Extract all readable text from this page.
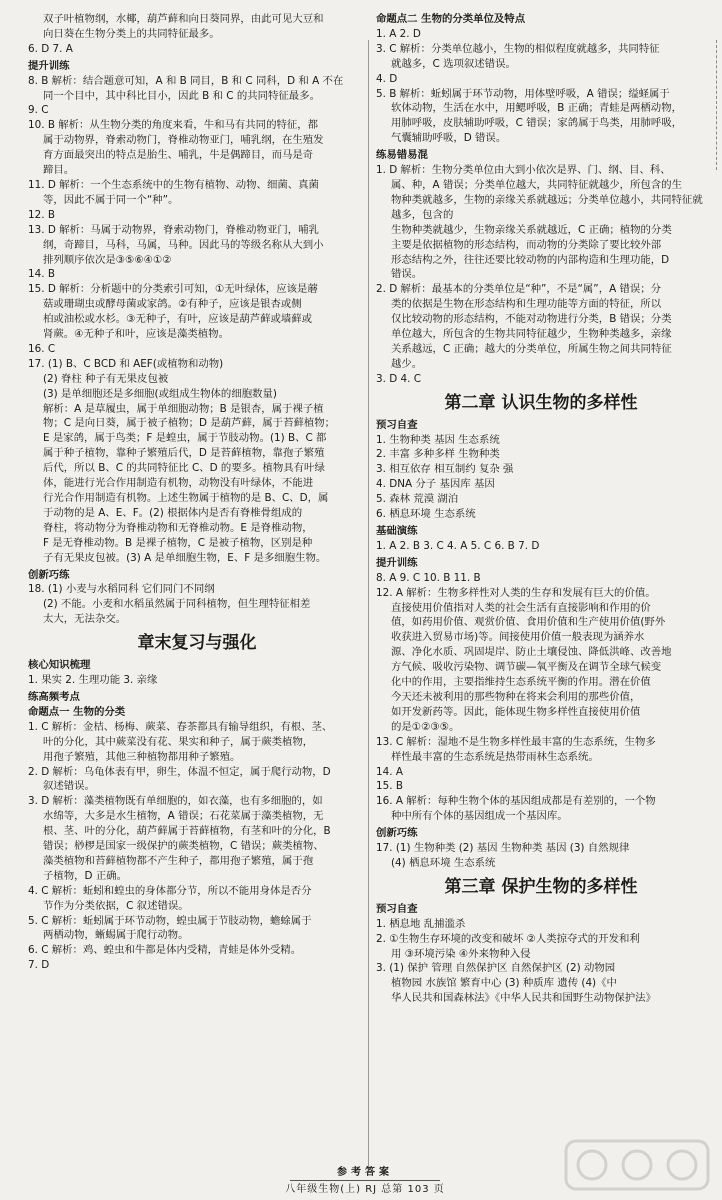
双子叶植物纲，水椰，葫芦藓和向日葵同界，由此可见大豆和
向日葵在生物分类上的共同特征最多。
6. D 7. A
提升训练
8. B 解析：结合题意可知，A 和 B 同目，B 和 C 同科，D 和 A 不在
同一个目中，其中科比目小，因此 B 和 C 的共同特征最多。
9. C
10. B 解析：从生物分类的角度来看，牛和马有共同的特征，都
属于动物界，脊索动物门，脊椎动物亚门，哺乳纲，在生殖发
育方面最突出的特点是胎生、哺乳，牛是偶蹄目，而马是奇
蹄目。
11. D 解析：一个生态系统中的生物有植物、动物、细菌、真菌
等，因此不属于同一个“种”。
12. B
13. D 解析：马属于动物界，脊索动物门，脊椎动物亚门，哺乳
纲，奇蹄目，马科，马属，马种。因此马的等级名称从大到小
排列顺序依次是③⑤⑥④①②
14. B
15. D 解析：分析题中的分类索引可知，①无叶绿体，应该是蘑
菇或珊瑚虫或酵母菌或家鸽。②有种子，应该是银杏或侧
柏或油松或水杉。③无种子，有叶，应该是葫芦藓或墙藓或
肾蕨。④无种子和叶，应该是藻类植物。
16. C
17. (1) B、C BCD 和 AEF(或植物和动物)
(2) 脊柱 种子有无果皮包被
(3) 是单细胞还是多细胞(或组成生物体的细胞数量)
解析：A 是草履虫，属于单细胞动物；B 是银杏，属于裸子植
物；C 是向日葵，属于被子植物；D 是葫芦藓，属于苔藓植物；
E 是家鸽，属于鸟类；F 是蝗虫，属于节肢动物。(1) B、C 都
属于种子植物，靠种子繁殖后代，D 是苔藓植物，靠孢子繁殖
后代，所以 B、C 的共同特征比 C、D 的要多。植物具有叶绿
体，能进行光合作用制造有机物，动物没有叶绿体，不能进
行光合作用制造有机物。上述生物属于植物的是 B、C、D，属
于动物的是 A、E、F。(2) 根据体内是否有脊椎骨组成的
脊柱，将动物分为脊椎动物和无脊椎动物。E 是脊椎动物，
F 是无脊椎动物。B 是裸子植物，C 是被子植物，区别是种
子有无果皮包被。(3) A 是单细胞生物，E、F 是多细胞生物。
创新巧练
18. (1) 小麦与水稻同科 它们同门不同纲
(2) 不能。小麦和水稻虽然属于同科植物，但生理特征相差
太大，无法杂交。
章末复习与强化
核心知识梳理
1. 果实 2. 生理功能 3. 亲缘
练高频考点
命题点一 生物的分类
1. C 解析：金桔、杨梅、蕨菜、春茶都具有输导组织，有根、茎、
叶的分化，其中蕨菜没有花、果实和种子，属于蕨类植物，
用孢子繁殖，其他三种植物都用种子繁殖。
2. D 解析：乌龟体表有甲，卵生，体温不恒定，属于爬行动物，D
叙述错误。
3. D 解析：藻类植物既有单细胞的，如衣藻，也有多细胞的，如
水绵等，大多是水生植物，A 错误；石花菜属于藻类植物，无
根、茎、叶的分化，葫芦藓属于苔藓植物，有茎和叶的分化，B
错误；桫椤是国家一级保护的蕨类植物，C 错误；蕨类植物、
藻类植物和苔藓植物都不产生种子，都用孢子繁殖，属于孢
子植物，D 正确。
4. C 解析：蚯蚓和蝗虫的身体都分节，所以不能用身体是否分
节作为分类依据，C 叙述错误。
5. C 解析：蚯蚓属于环节动物，蝗虫属于节肢动物，蟾蜍属于
两栖动物，蜥蜴属于爬行动物。
6. C 解析：鸡、蝗虫和牛都是体内受精，青蛙是体外受精。
7. D
命题点二 生物的分类单位及特点
1. A 2. D
3. C 解析：分类单位越小，生物的相似程度就越多，共同特征
就越多，C 选项叙述错误。
4. D
5. B 解析：蚯蚓属于环节动物，用体壁呼吸，A 错误；缢蛏属于
软体动物，生活在水中，用鳃呼吸，B 正确；青蛙是两栖动物，
用肺呼吸，皮肤辅助呼吸，C 错误；家鸽属于鸟类，用肺呼吸，
气囊辅助呼吸，D 错误。
练易错易混
1. D 解析：生物分类单位由大到小依次是界、门、纲、目、科、
属、种，A 错误；分类单位越大，共同特征就越少，所包含的生
物种类就越多，生物的亲缘关系就越远；分类单位越小，共同特征就越多，包含的
生物种类就越少，生物亲缘关系就越近，C 正确；植物的分类
主要是依据植物的形态结构，而动物的分类除了要比较外部
形态结构之外，往往还要比较动物的内部构造和生理功能，D
错误。
2. D 解析：最基本的分类单位是“种”，不是“属”，A 错误；分
类的依据是生物在形态结构和生理功能等方面的特征，所以
仅比较动物的形态结构，不能对动物进行分类，B 错误；分类
单位越大，所包含的生物共同特征越少，生物种类越多，亲缘
关系越远，C 正确；越大的分类单位，所属生物之间共同特征
越少。
3. D 4. C
第二章 认识生物的多样性
预习自查
1. 生物种类 基因 生态系统
2. 丰富 多种多样 生物种类
3. 相互依存 相互制约 复杂 强
4. DNA 分子 基因库 基因
5. 森林 荒漠 湖泊
6. 栖息环境 生态系统
基础演练
1. A 2. B 3. C 4. A 5. C 6. B 7. D
提升训练
8. A 9. C 10. B 11. B
12. A 解析：生物多样性对人类的生存和发展有巨大的价值。
直接使用价值指对人类的社会生活有直接影响和作用的价
值，如药用价值、观赏价值、食用价值和生产使用价值(野外
收获进入贸易市场)等。间接使用价值一般表现为涵养水
源、净化水质、巩固堤岸、防止土壤侵蚀、降低洪峰、改善地
方气候、吸收污染物、调节碳—氧平衡及在调节全球气候变
化中的作用，主要指维持生态系统平衡的作用。潜在价值
今天还未被利用的那些物种在将来会利用的那些价值，
如开发新药等。因此，能体现生物多样性直接使用价值
的是①②③⑤。
13. C 解析：湿地不是生物多样性最丰富的生态系统，生物多
样性最丰富的生态系统是热带雨林生态系统。
14. A
15. B
16. A 解析：每种生物个体的基因组成都是有差别的，一个物
种中所有个体的基因组成一个基因库。
创新巧练
17. (1) 生物种类 (2) 基因 生物种类 基因 (3) 自然规律
(4) 栖息环境 生态系统
第三章 保护生物的多样性
预习自查
1. 栖息地 乱捕滥杀
2. ①生物生存环境的改变和破坏 ②人类掠夺式的开发和利
用 ③环境污染 ④外来物种入侵
3. (1) 保护 管理 自然保护区 自然保护区 (2) 动物园
植物园 水族馆 繁育中心 (3) 种质库 遗传 (4)《中
华人民共和国森林法》《中华人民共和国野生动物保护法》
参考答案
八年级生物(上) RJ 总第 103 页
